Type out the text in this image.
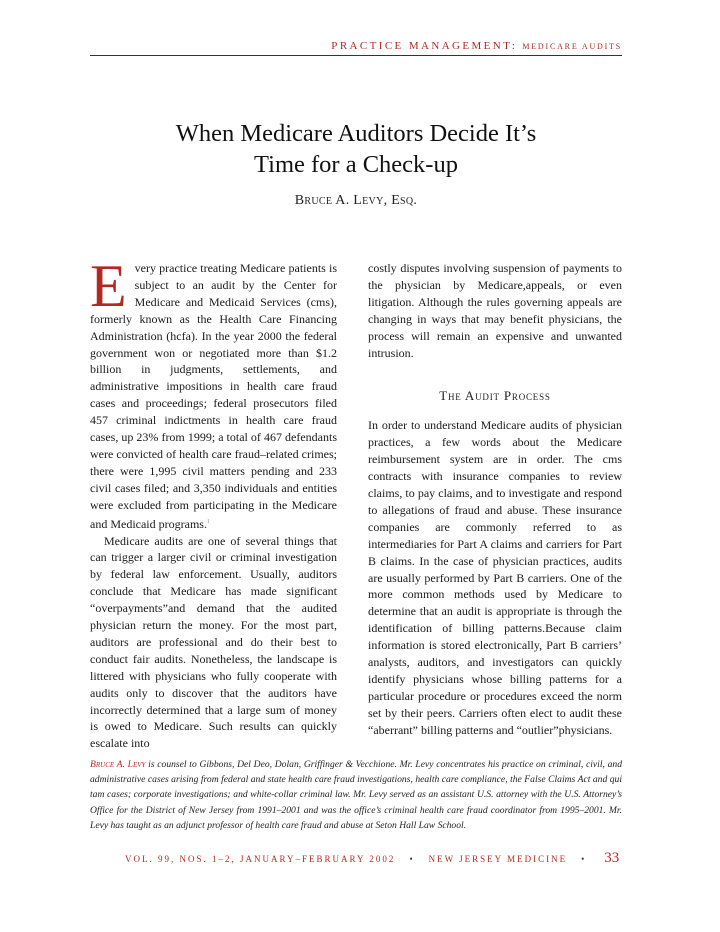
PRACTICE MANAGEMENT: MEDICARE AUDITS
When Medicare Auditors Decide It’s
Time for a Check-up
Bruce A. Levy, Esq.

Every practice treating Medicare patients is subject to an audit by the Center for Medicare and Medicaid Services (cms), formerly known as the Health Care Financing Administration (hcfa). In the year 2000 the federal government won or negotiated more than $1.2 billion in judgments, settlements, and administrative impositions in health care fraud cases and proceedings; federal prosecutors filed 457 criminal indictments in health care fraud cases, up 23% from 1999; a total of 467 defendants were convicted of health care fraud–related crimes; there were 1,995 civil matters pending and 233 civil cases filed; and 3,350 individuals and entities were excluded from participating in the Medicare and Medicaid programs.$^1$

Medicare audits are one of several things that can trigger a larger civil or criminal investigation by federal law enforcement. Usually, auditors conclude that Medicare has made significant “overpayments”and demand that the audited physician return the money. For the most part, auditors are professional and do their best to conduct fair audits. Nonetheless, the landscape is littered with physicians who fully cooperate with audits only to discover that the auditors have incorrectly determined that a large sum of money is owed to Medicare. Such results can quickly escalate into

costly disputes involving suspension of payments to the physician by Medicare,appeals, or even litigation. Although the rules governing appeals are changing in ways that may benefit physicians, the process will remain an expensive and unwanted intrusion.

The Audit Process

In order to understand Medicare audits of physician practices, a few words about the Medicare reimbursement system are in order. The cms contracts with insurance companies to review claims, to pay claims, and to investigate and respond to allegations of fraud and abuse. These insurance companies are commonly referred to as intermediaries for Part A claims and carriers for Part B claims. In the case of physician practices, audits are usually performed by Part B carriers. One of the more common methods used by Medicare to determine that an audit is appropriate is through the identification of billing patterns.Because claim information is stored electronically, Part B carriers’ analysts, auditors, and investigators can quickly identify physicians whose billing patterns for a particular procedure or procedures exceed the norm set by their peers. Carriers often elect to audit these “aberrant” billing patterns and “outlier”physicians.

Bruce A. Levy is counsel to Gibbons, Del Deo, Dolan, Griffinger & Vecchione. Mr. Levy concentrates his practice on criminal, civil, and administrative cases arising from federal and state health care fraud investigations, health care compliance, the False Claims Act and qui tam cases; corporate investigations; and white-collar criminal law. Mr. Levy served as an assistant U.S. attorney with the U.S. Attorney’s Office for the District of New Jersey from 1991–2001 and was the office’s criminal health care fraud coordinator from 1995–2001. Mr. Levy has taught as an adjunct professor of health care fraud and abuse at Seton Hall Law School.
VOL. 99, NOS. 1–2, JANUARY–FEBRUARY 2002 • NEW JERSEY MEDICINE • 33
